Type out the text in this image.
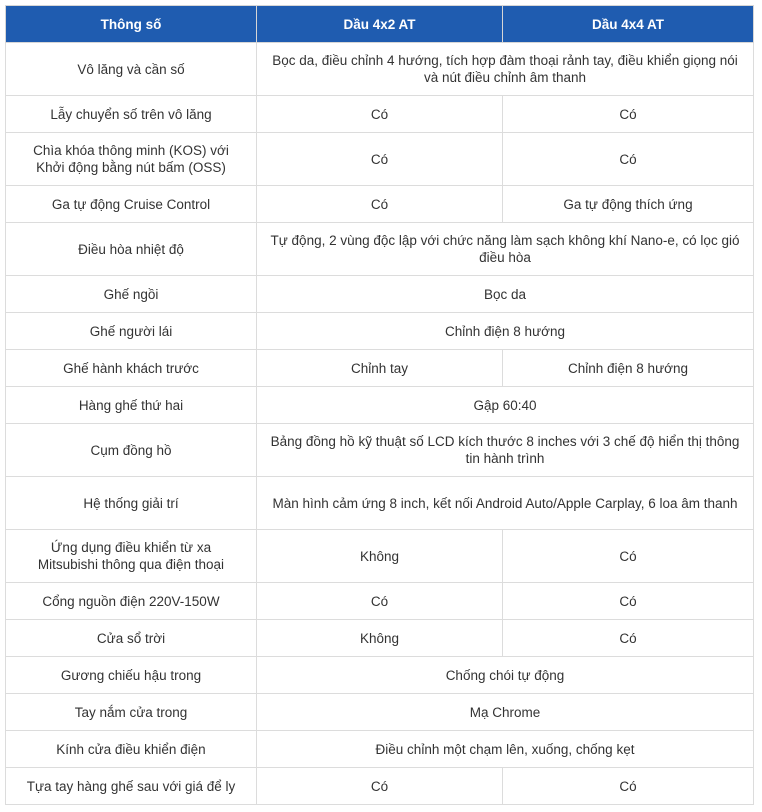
Thông số	Dầu 4x2 AT	Dầu 4x4 AT
Vô lăng và cần số	Bọc da, điều chỉnh 4 hướng, tích hợp đàm thoại rảnh tay, điều khiển giọng nói và nút điều chỉnh âm thanh	
Lẫy chuyển số trên vô lăng	Có	Có
Chìa khóa thông minh (KOS) với Khởi động bằng nút bấm (OSS)	Có	Có
Ga tự động Cruise Control	Có	Ga tự động thích ứng
Điều hòa nhiệt độ	Tự động, 2 vùng độc lập với chức năng làm sạch không khí Nano-e, có lọc gió điều hòa	
Ghế ngồi	Bọc da	
Ghế người lái	Chỉnh điện 8 hướng	
Ghế hành khách trước	Chỉnh tay	Chỉnh điện 8 hướng
Hàng ghế thứ hai	Gập 60:40	
Cụm đồng hồ	Bảng đồng hồ kỹ thuật số LCD kích thước 8 inches với 3 chế độ hiển thị thông tin hành trình	
Hệ thống giải trí	Màn hình cảm ứng 8 inch, kết nối Android Auto/Apple Carplay, 6 loa âm thanh	
Ứng dụng điều khiển từ xa Mitsubishi thông qua điện thoại	Không	Có
Cổng nguồn điện 220V-150W	Có	Có
Cửa sổ trời	Không	Có
Gương chiếu hậu trong	Chống chói tự động	
Tay nắm cửa trong	Mạ Chrome	
Kính cửa điều khiển điện	Điều chỉnh một chạm lên, xuống, chống kẹt	
Tựa tay hàng ghế sau với giá để ly	Có	Có
